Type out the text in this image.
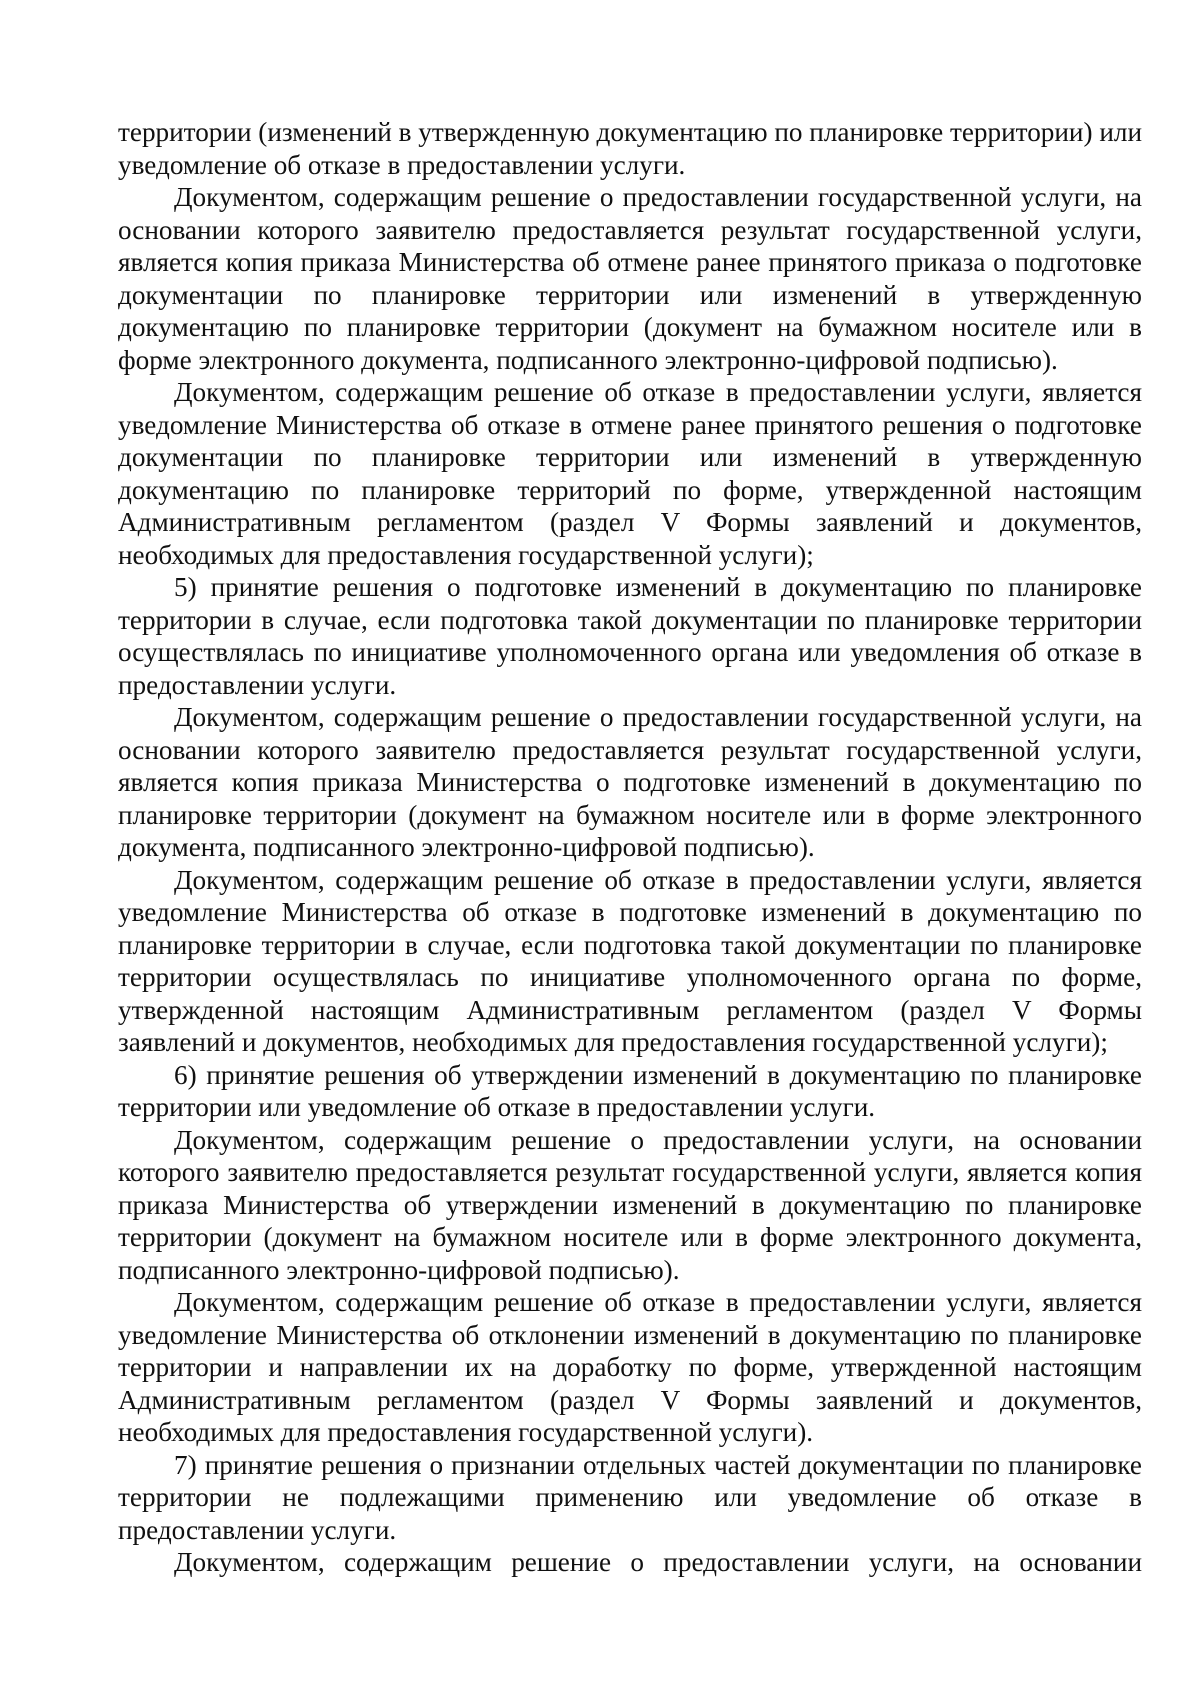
территории (изменений в утвержденную документацию по планировке территории) или уведомление об отказе в предоставлении услуги.

Документом, содержащим решение о предоставлении государственной услуги, на основании которого заявителю предоставляется результат государственной услуги, является копия приказа Министерства об отмене ранее принятого приказа о подготовке документации по планировке территории или изменений в утвержденную документацию по планировке территории (документ на бумажном носителе или в форме электронного документа, подписанного электронно-цифровой подписью).

Документом, содержащим решение об отказе в предоставлении услуги, является уведомление Министерства об отказе в отмене ранее принятого решения о подготовке документации по планировке территории или изменений в утвержденную документацию по планировке территорий по форме, утвержденной настоящим Административным регламентом (раздел V Формы заявлений и документов, необходимых для предоставления государственной услуги);

5) принятие решения о подготовке изменений в документацию по планировке территории в случае, если подготовка такой документации по планировке территории осуществлялась по инициативе уполномоченного органа или уведомления об отказе в предоставлении услуги.

Документом, содержащим решение о предоставлении государственной услуги, на основании которого заявителю предоставляется результат государственной услуги, является копия приказа Министерства о подготовке изменений в документацию по планировке территории (документ на бумажном носителе или в форме электронного документа, подписанного электронно-цифровой подписью).

Документом, содержащим решение об отказе в предоставлении услуги, является уведомление Министерства об отказе в подготовке изменений в документацию по планировке территории в случае, если подготовка такой документации по планировке территории осуществлялась по инициативе уполномоченного органа по форме, утвержденной настоящим Административным регламентом (раздел V Формы заявлений и документов, необходимых для предоставления государственной услуги);

6) принятие решения об утверждении изменений в документацию по планировке территории или уведомление об отказе в предоставлении услуги.

Документом, содержащим решение о предоставлении услуги, на основании которого заявителю предоставляется результат государственной услуги, является копия приказа Министерства об утверждении изменений в документацию по планировке территории (документ на бумажном носителе или в форме электронного документа, подписанного электронно-цифровой подписью).

Документом, содержащим решение об отказе в предоставлении услуги, является уведомление Министерства об отклонении изменений в документацию по планировке территории и направлении их на доработку по форме, утвержденной настоящим Административным регламентом (раздел V Формы заявлений и документов, необходимых для предоставления государственной услуги).

7) принятие решения о признании отдельных частей документации по планировке территории не подлежащими применению или уведомление об отказе в предоставлении услуги.

Документом, содержащим решение о предоставлении услуги, на основании
